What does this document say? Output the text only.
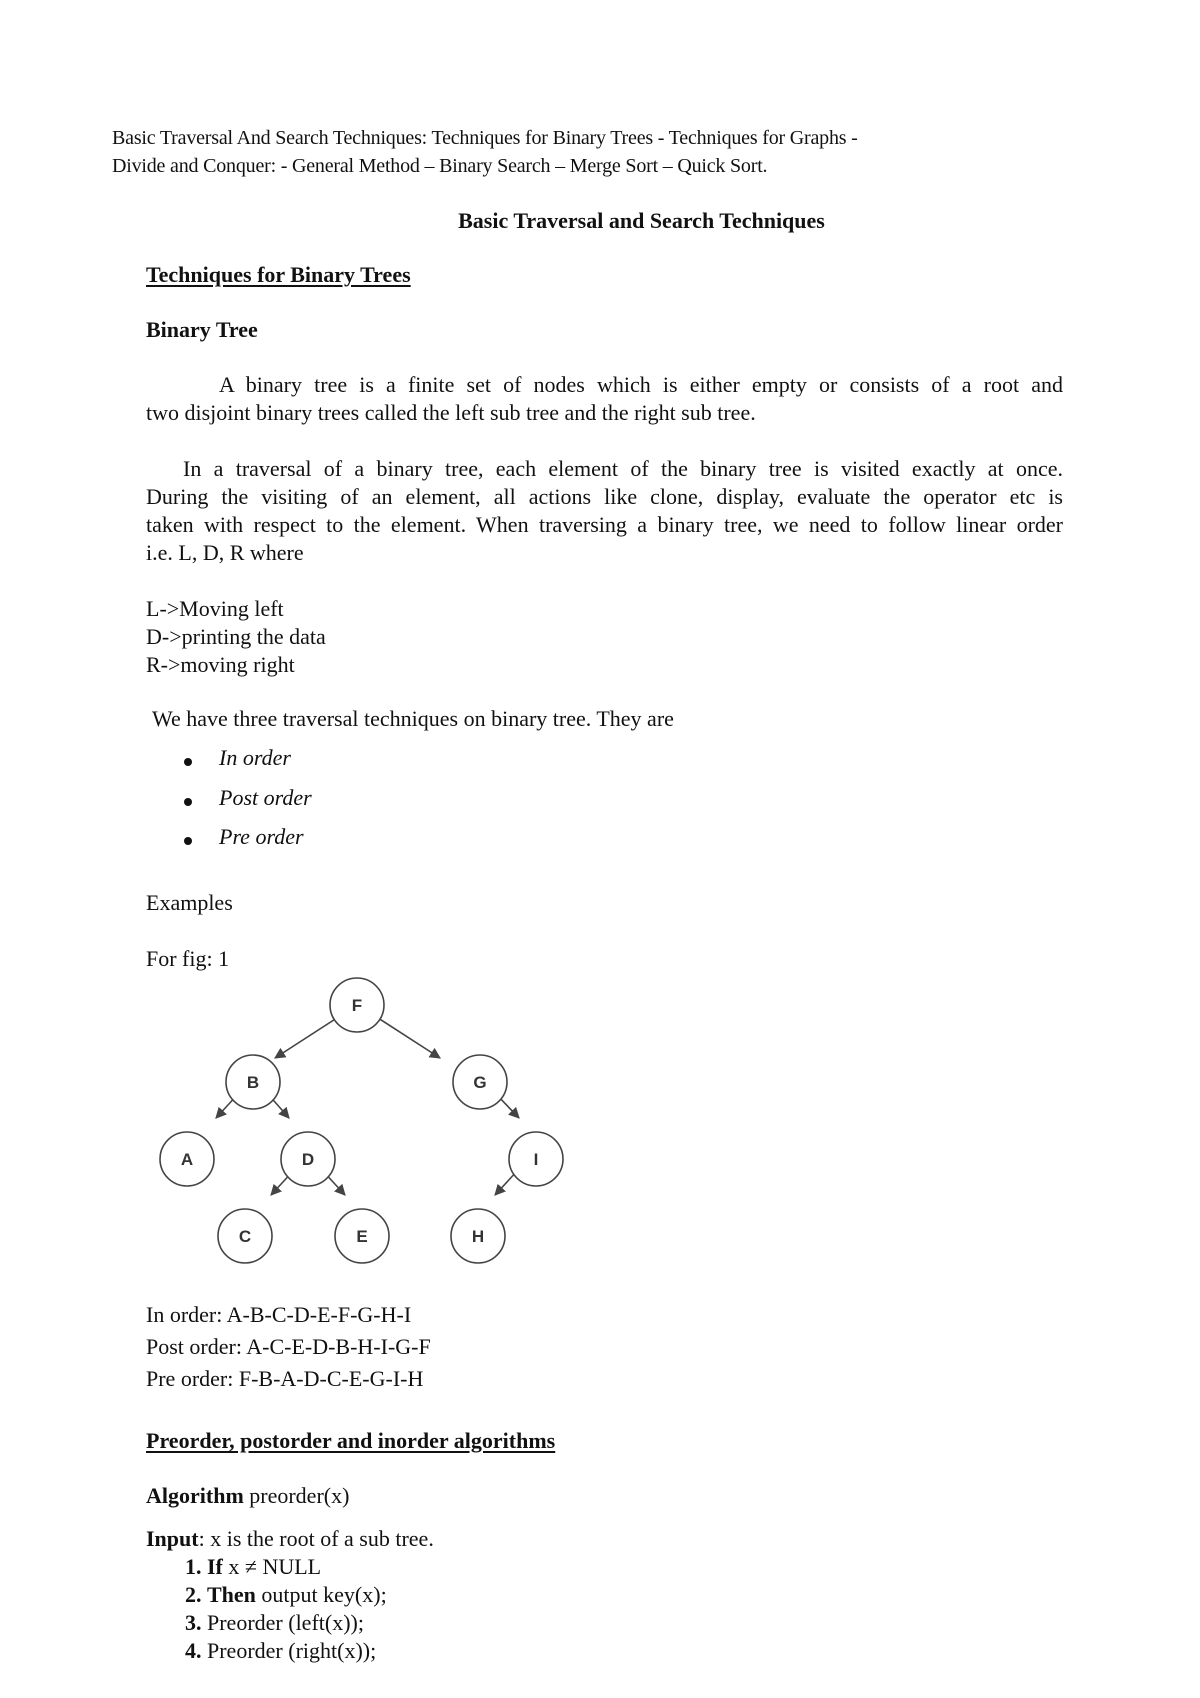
Basic Traversal And Search Techniques: Techniques for Binary Trees - Techniques for Graphs -

Divide and Conquer: - General Method – Binary Search – Merge Sort – Quick Sort.

Basic Traversal and Search Techniques

Techniques for Binary Trees

Binary Tree

A binary tree is a finite set of nodes which is either empty or consists of a root and

two disjoint binary trees called the left sub tree and the right sub tree.

In a traversal of a binary tree, each element of the binary tree is visited exactly at once.

During the visiting of an element, all actions like clone, display, evaluate the operator etc is

taken with respect to the element. When traversing a binary tree, we need to follow linear order

i.e. L, D, R where

L->Moving left

D->printing the data

R->moving right

We have three traversal techniques on binary tree. They are

In order

Post order

Pre order

Examples

For fig: 1

F
B	G
A	D	I
C	E	H

In order: A-B-C-D-E-F-G-H-I

Post order: A-C-E-D-B-H-I-G-F

Pre order: F-B-A-D-C-E-G-I-H

Preorder, postorder and inorder algorithms

Algorithm preorder(x)

Input: x is the root of a sub tree.

1. If x ≠ NULL

2. Then output key(x);

3. Preorder (left(x));

4. Preorder (right(x));
